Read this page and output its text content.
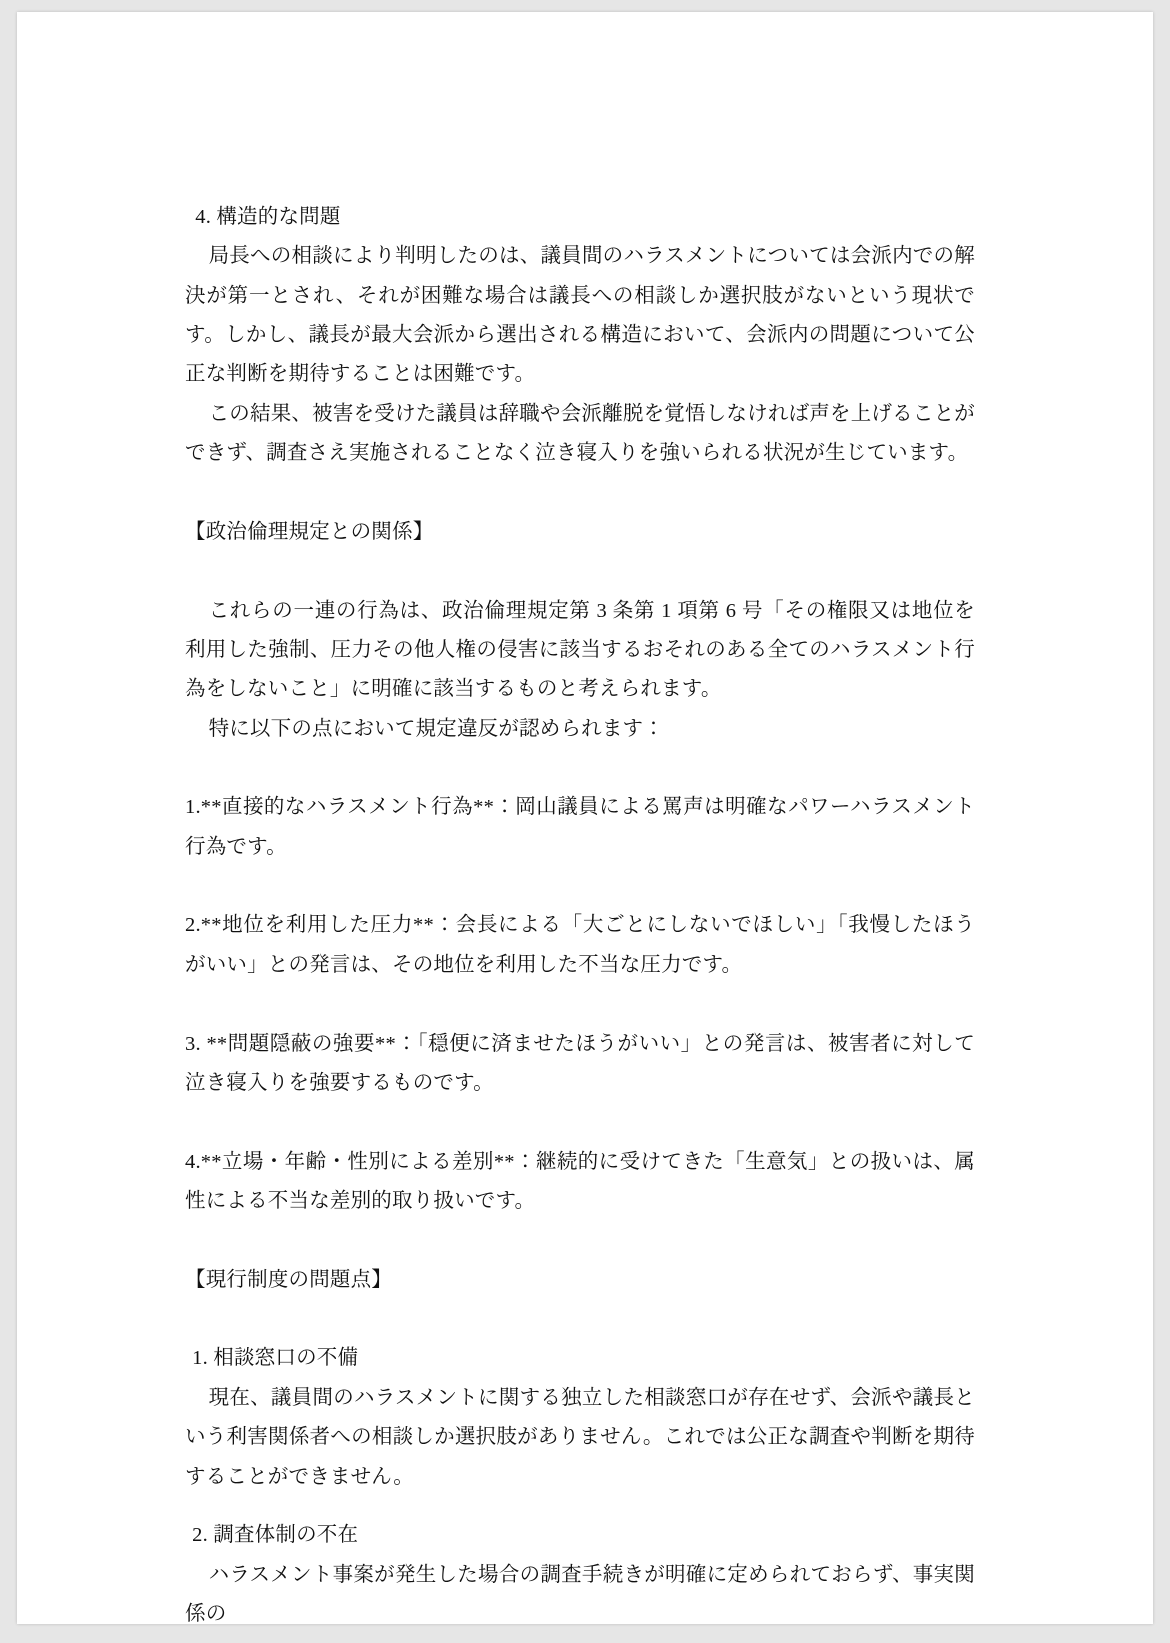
4. 構造的な問題

局長への相談により判明したのは、議員間のハラスメントについては会派内での解決が第一とされ、それが困難な場合は議長への相談しか選択肢がないという現状です。しかし、議長が最大会派から選出される構造において、会派内の問題について公正な判断を期待することは困難です。

この結果、被害を受けた議員は辞職や会派離脱を覚悟しなければ声を上げることができず、調査さえ実施されることなく泣き寝入りを強いられる状況が生じています。

【政治倫理規定との関係】

これらの一連の行為は、政治倫理規定第 3 条第 1 項第 6 号「その権限又は地位を利用した強制、圧力その他人権の侵害に該当するおそれのある全てのハラスメント行為をしないこと」に明確に該当するものと考えられます。

特に以下の点において規定違反が認められます：

1.**直接的なハラスメント行為**：岡山議員による罵声は明確なパワーハラスメント行為です。

2.**地位を利用した圧力**：会長による「大ごとにしないでほしい」「我慢したほうがいい」との発言は、その地位を利用した不当な圧力です。

3. **問題隠蔽の強要**：「穏便に済ませたほうがいい」との発言は、被害者に対して泣き寝入りを強要するものです。

4.**立場・年齢・性別による差別**：継続的に受けてきた「生意気」との扱いは、属性による不当な差別的取り扱いです。

【現行制度の問題点】

1. 相談窓口の不備

現在、議員間のハラスメントに関する独立した相談窓口が存在せず、会派や議長という利害関係者への相談しか選択肢がありません。これでは公正な調査や判断を期待することができません。

2. 調査体制の不在

ハラスメント事案が発生した場合の調査手続きが明確に定められておらず、事実関係の
